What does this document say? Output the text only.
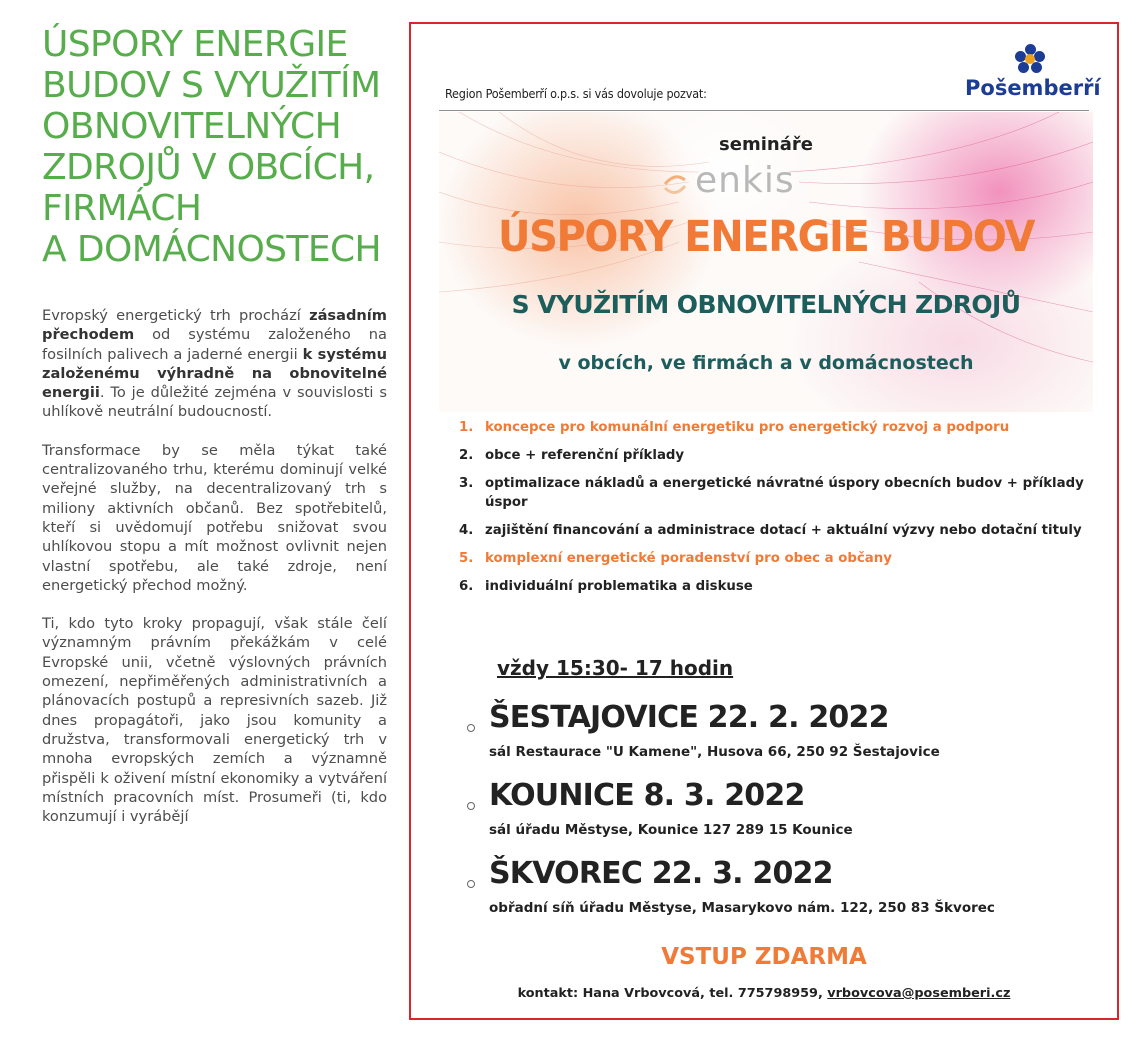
ÚSPORY ENERGIE
BUDOV S VYUŽITÍM
OBNOVITELNÝCH
ZDROJŮ V OBCÍCH,
FIRMÁCH
A DOMÁCNOSTECH

Evropský energetický trh prochází zásadním přechodem od systému založeného na fosilních palivech a jaderné energii k systému založenému výhradně na obnovitelné energii. To je důležité zejména v souvislosti s uhlíkově neutrální budoucností.

Transformace by se měla týkat také centralizovaného trhu, kterému dominují velké veřejné služby, na decentralizovaný trh s miliony aktivních občanů. Bez spotřebitelů, kteří si uvědomují potřebu snižovat svou uhlíkovou stopu a mít možnost ovlivnit nejen vlastní spotřebu, ale také zdroje, není energetický přechod možný.

Ti, kdo tyto kroky propagují, však stále čelí významným právním překážkám v celé Evropské unii, včetně výslovných právních omezení, nepřiměřených administrativních a plánovacích postupů a represivních sazeb. Již dnes propagátoři, jako jsou komunity a družstva, transformovali energetický trh v mnoha evropských zemích a významně přispěli k oživení místní ekonomiky a vytváření místních pracovních míst. Prosumeři (ti, kdo konzumují i vyrábějí

Pošemberří
Region Pošemberří o.p.s. si vás dovoluje pozvat:
semináře
enkis
ÚSPORY ENERGIE BUDOV
S VYUŽITÍM OBNOVITELNÝCH ZDROJŮ
v obcích, ve firmách a v domácnostech
1. koncepce pro komunální energetiku pro energetický rozvoj a podporu
2. obce + referenční příklady
3. optimalizace nákladů a energetické návratné úspory obecních budov + příklady úspor
4. zajištění financování a administrace dotací + aktuální výzvy nebo dotační tituly
5. komplexní energetické poradenství pro obec a občany
6. individuální problematika a diskuse
vždy 15:30- 17 hodin
ŠESTAJOVICE 22. 2. 2022
sál Restaurace "U Kamene", Husova 66, 250 92 Šestajovice
KOUNICE 8. 3. 2022
sál úřadu Městyse, Kounice 127 289 15 Kounice
ŠKVOREC 22. 3. 2022
obřadní síň úřadu Městyse, Masarykovo nám. 122, 250 83 Škvorec
VSTUP ZDARMA
kontakt: Hana Vrbovcová, tel. 775798959, vrbovcova@posemberi.cz
